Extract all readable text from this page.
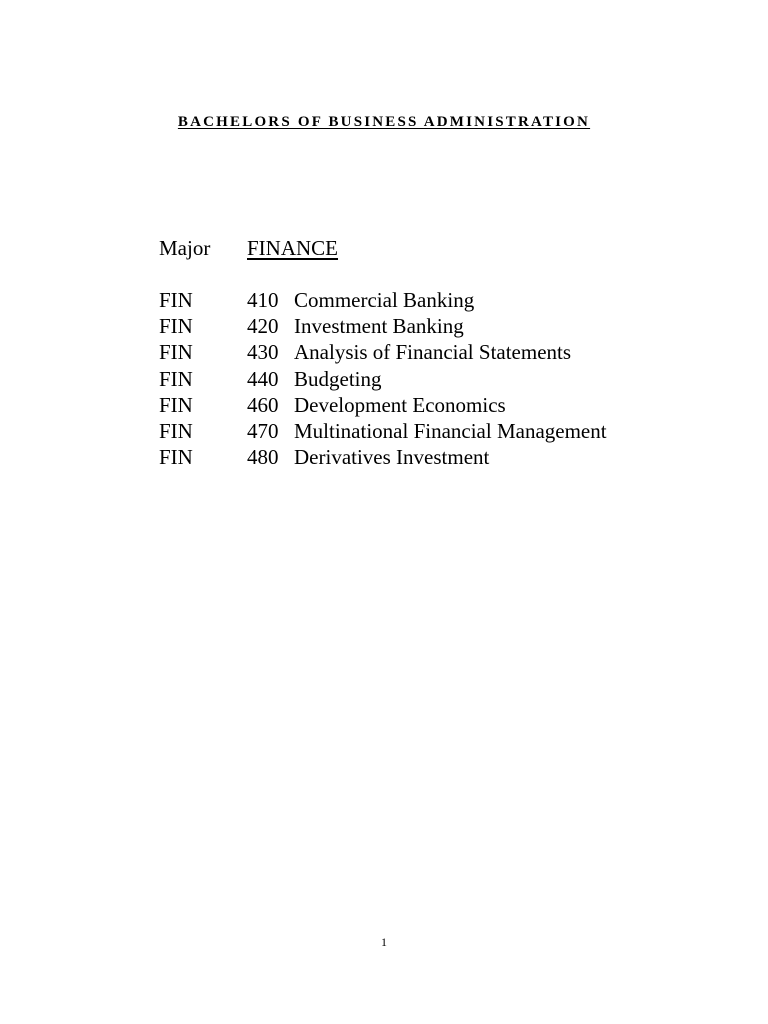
BACHELORS OF BUSINESS ADMINISTRATION
Major FINANCE
FIN	410 Commercial Banking
FIN	420 Investment Banking
FIN	430 Analysis of Financial Statements
FIN	440 Budgeting
FIN	460 Development Economics
FIN	470 Multinational Financial Management
FIN	480 Derivatives Investment
1
